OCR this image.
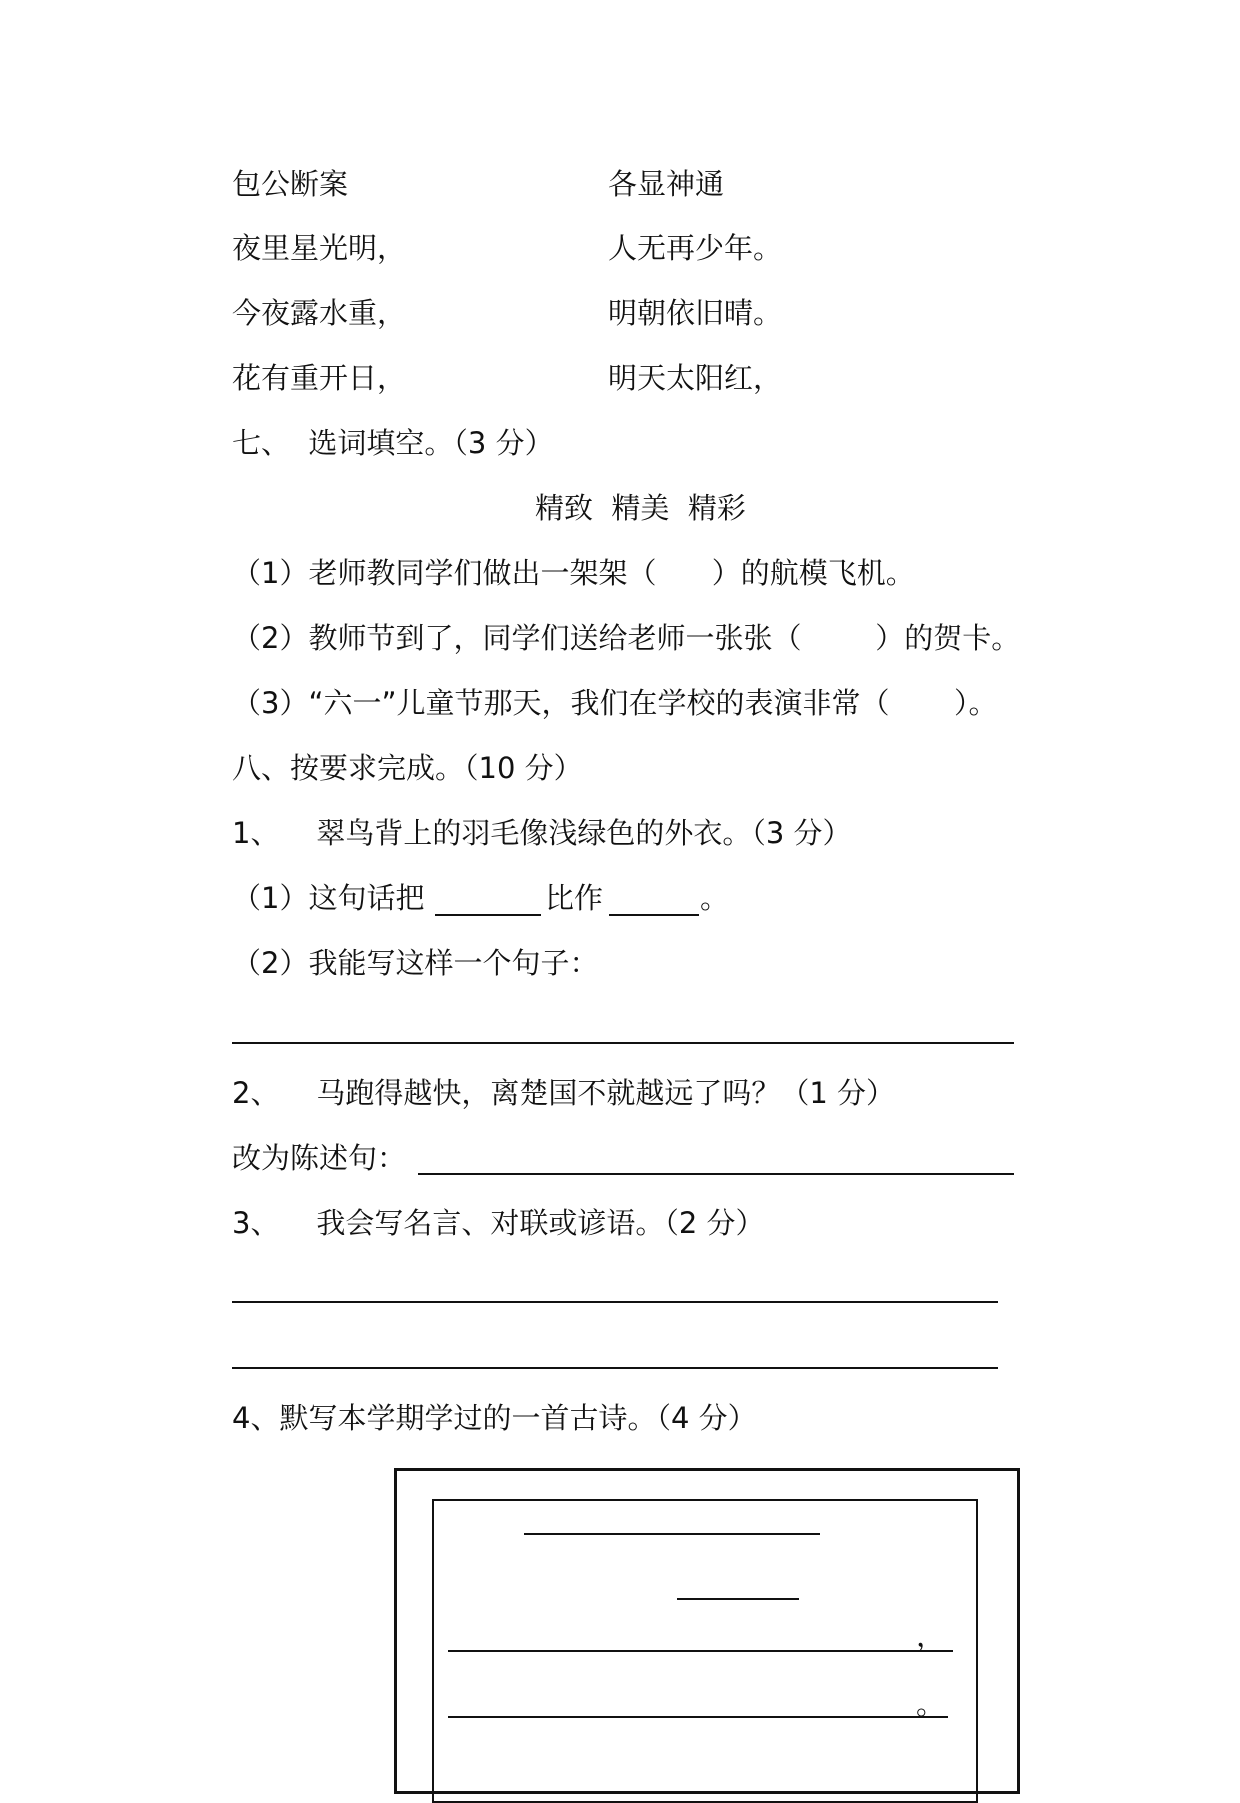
包公断案	各显神通
夜里星光明，	人无再少年。
今夜露水重，	明朝依旧晴。
花有重开日，	明天太阳红，
七、  选词填空。（3 分）
精致  精美  精彩
（1）老师教同学们做出一架架（      ）的航模飞机。
（2）教师节到了，同学们送给老师一张张（        ）的贺卡。
（3）“六一”儿童节那天，我们在学校的表演非常（       ）。
八、按要求完成。（10 分）
1、    翠鸟背上的羽毛像浅绿色的外衣。（3 分）
（1）这句话把	比作	。
（2）我能写这样一个句子：
2、    马跑得越快，离楚国不就越远了吗？（1 分）
改为陈述句：
3、    我会写名言、对联或谚语。（2 分）
4、默写本学期学过的一首古诗。（4 分）
，
。
